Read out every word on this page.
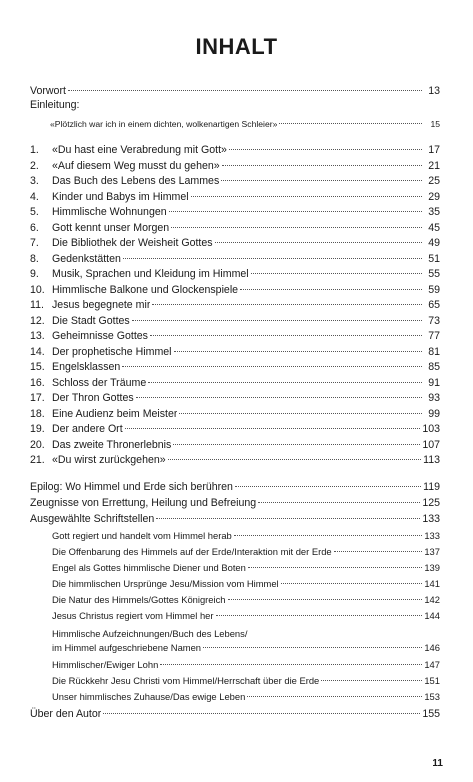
INHALT
Vorwort	13
Einleitung:
«Plötzlich war ich in einem dichten, wolkenartigen Schleier»	15
1.	«Du hast eine Verabredung mit Gott»	17
2.	«Auf diesem Weg musst du gehen»	21
3.	Das Buch des Lebens des Lammes	25
4.	Kinder und Babys im Himmel	29
5.	Himmlische Wohnungen	35
6.	Gott kennt unser Morgen	45
7.	Die Bibliothek der Weisheit Gottes	49
8.	Gedenkstätten	51
9.	Musik, Sprachen und Kleidung im Himmel	55
10. Himmlische Balkone und Glockenspiele	59
11. Jesus begegnete mir	65
12. Die Stadt Gottes	73
13. Geheimnisse Gottes	77
14. Der prophetische Himmel	81
15. Engelsklassen	85
16. Schloss der Träume	91
17. Der Thron Gottes	93
18. Eine Audienz beim Meister	99
19. Der andere Ort	103
20. Das zweite Thronerlebnis	107
21. «Du wirst zurückgehen»	113
Epilog: Wo Himmel und Erde sich berühren	119
Zeugnisse von Errettung, Heilung und Befreiung	125
Ausgewählte Schriftstellen	133
Gott regiert und handelt vom Himmel herab	133
Die Offenbarung des Himmels auf der Erde/Interaktion mit der Erde	137
Engel als Gottes himmlische Diener und Boten	139
Die himmlischen Ursprünge Jesu/Mission vom Himmel	141
Die Natur des Himmels/Gottes Königreich	142
Jesus Christus regiert vom Himmel her	144
Himmlische Aufzeichnungen/Buch des Lebens/
im Himmel aufgeschriebene Namen	146
Himmlischer/Ewiger Lohn	147
Die Rückkehr Jesu Christi vom Himmel/Herrschaft über die Erde	151
Unser himmlisches Zuhause/Das ewige Leben	153
Über den Autor	155
11
